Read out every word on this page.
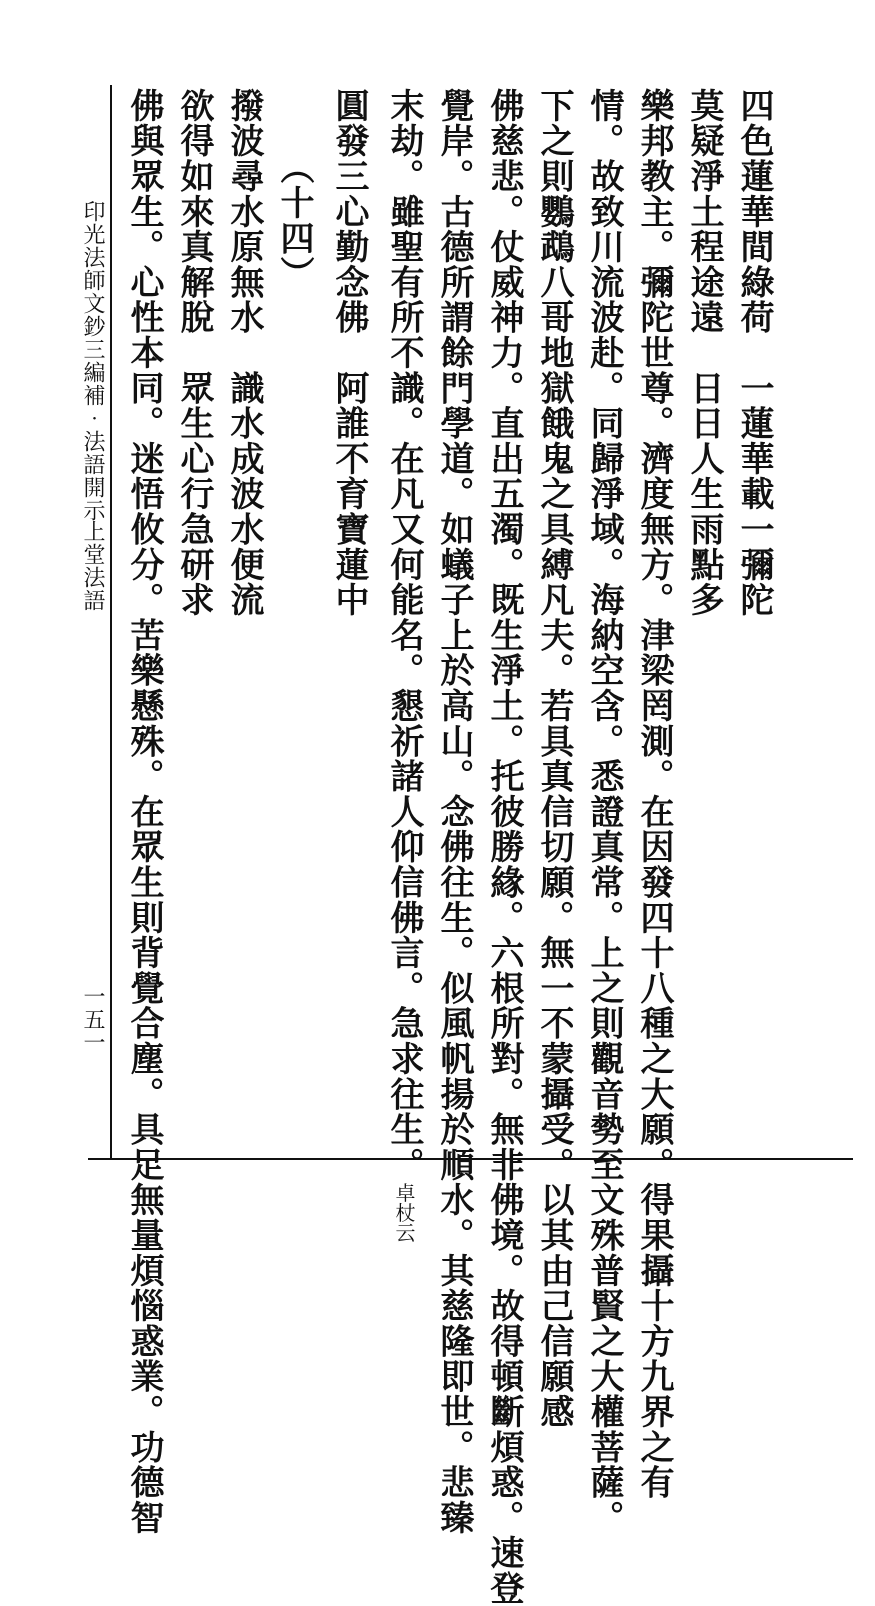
印光法師文鈔三編補‧法語開示
上堂法語
一五一
四色蓮華間綠荷　一蓮華載一彌陀
莫疑淨土程途遠　日日人生雨點多
樂邦教主。彌陀世尊。濟度無方。津梁罔測。在因發四十八種之大願。得果攝十方九界之有
情。故致川流波赴。同歸淨域。海納空含。悉證真常。上之則觀音勢至文殊普賢之大權菩薩。
下之則鸚鵡八哥地獄餓鬼之具縛凡夫。若具真信切願。無一不蒙攝受。以其由己信願感
佛慈悲。仗威神力。直出五濁。既生淨土。托彼勝緣。六根所對。無非佛境。故得頓斷煩惑。速登
覺岸。古德所謂餘門學道。如蟻子上於高山。念佛往生。似風帆揚於順水。其慈隆即世。悲臻
末劫。雖聖有所不識。在凡又何能名。懇祈諸人仰信佛言。急求往生。卓杖云
圓發三心勤念佛　阿誰不育寶蓮中
（十四）
撥波尋水原無水　識水成波水便流
欲得如來真解脫　眾生心行急研求
佛與眾生。心性本同。迷悟攸分。苦樂懸殊。在眾生則背覺合塵。具足無量煩惱惑業。功德智
